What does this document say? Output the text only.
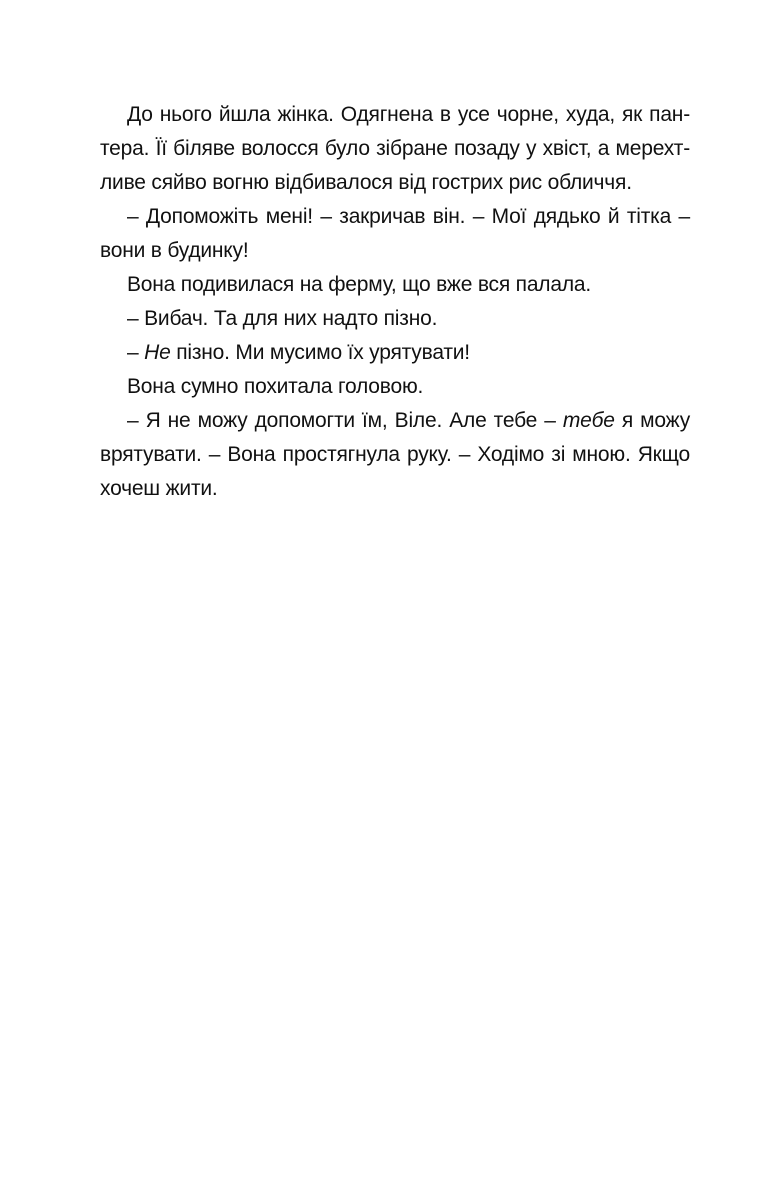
До нього йшла жінка. Одягнена в усе чорне, худа, як пан-
тера. Її біляве волосся було зібране позаду у хвіст, а мерехт-
ливе сяйво вогню відбивалося від гострих рис обличчя.
– Допоможіть мені! – закричав він. – Мої дядько й тітка –
вони в будинку!
Вона подивилася на ферму, що вже вся палала.
– Вибач. Та для них надто пізно.
– Не пізно. Ми мусимо їх урятувати!
Вона сумно похитала головою.
– Я не можу допомогти їм, Віле. Але тебе – тебе я можу
врятувати. – Вона простягнула руку. – Ходімо зі мною. Якщо
хочеш жити.
